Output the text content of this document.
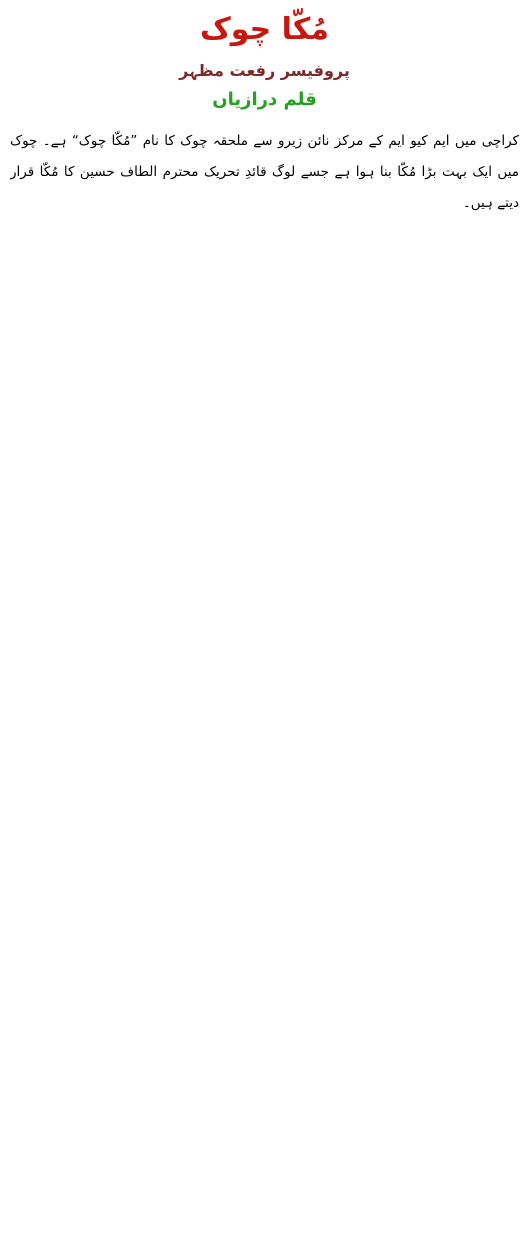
مُکّا چوک
پروفیسر رفعت مظہر
قلم درازیاں

کراچی میں ایم کیو ایم کے مرکز نائن زیرو سے ملحقہ چوک کا نام ”مُکّا چوک“ ہے۔ چوک میں ایک بہت بڑا مُکّا بنا ہوا ہے جسے لوگ قائدِ تحریک محترم الطاف حسین کا مُکّا قرار دیتے ہیں۔
